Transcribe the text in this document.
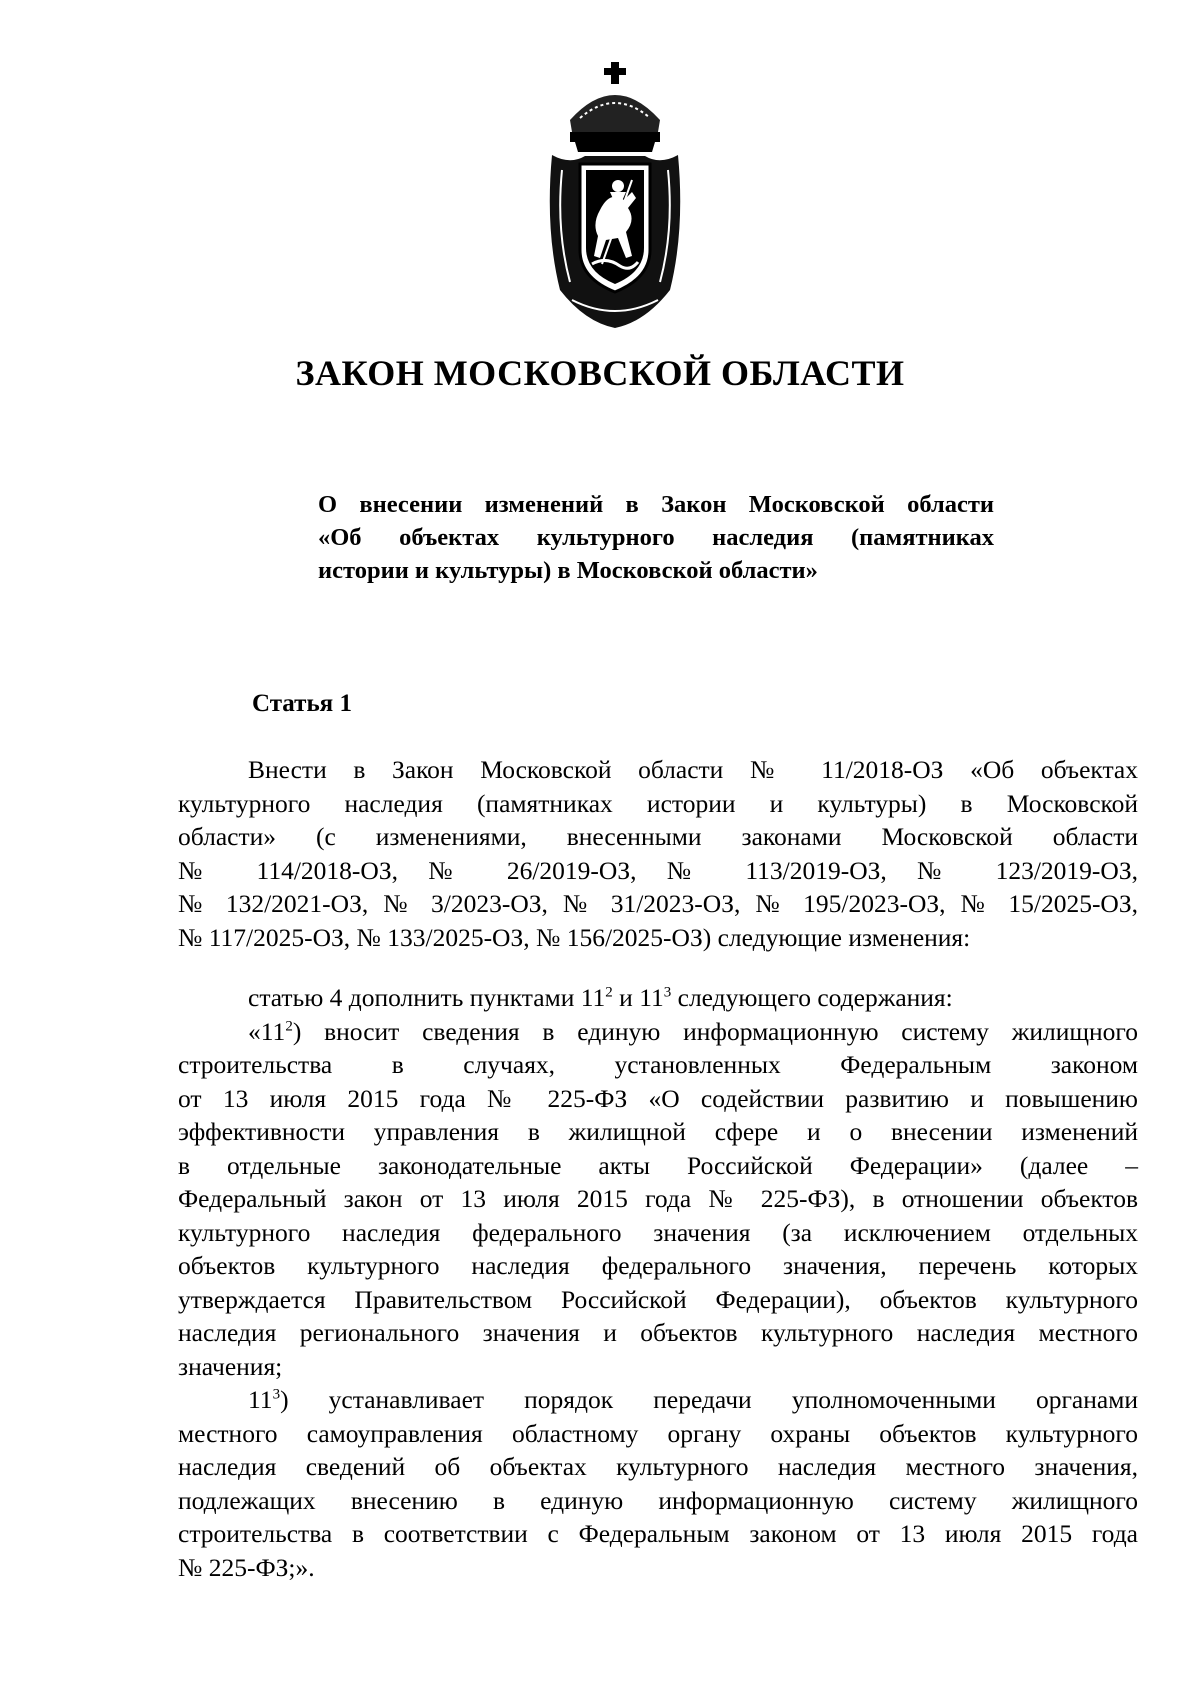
ЗАКОН МОСКОВСКОЙ ОБЛАСТИ
О внесении изменений в Закон Московской области
«Об объектах культурного наследия (памятниках
истории и культуры) в Московской области»
Статья 1
Внести в Закон Московской области № 11/2018-ОЗ «Об объектах
культурного наследия (памятниках истории и культуры) в Московской
области» (с изменениями, внесенными законами Московской области
№ 114/2018-ОЗ, № 26/2019-ОЗ, № 113/2019-ОЗ, № 123/2019-ОЗ,
№ 132/2021-ОЗ, № 3/2023-ОЗ, № 31/2023-ОЗ, № 195/2023-ОЗ, № 15/2025-ОЗ,
№ 117/2025-ОЗ, № 133/2025-ОЗ, № 156/2025-ОЗ) следующие изменения:
статью 4 дополнить пунктами $11^2$ и $11^3$ следующего содержания:
«$11^2$) вносит сведения в единую информационную систему жилищного
строительства в случаях, установленных Федеральным законом
от 13 июля 2015 года № 225-ФЗ «О содействии развитию и повышению
эффективности управления в жилищной сфере и о внесении изменений
в отдельные законодательные акты Российской Федерации» (далее –
Федеральный закон от 13 июля 2015 года № 225-ФЗ), в отношении объектов
культурного наследия федерального значения (за исключением отдельных
объектов культурного наследия федерального значения, перечень которых
утверждается Правительством Российской Федерации), объектов культурного
наследия регионального значения и объектов культурного наследия местного
значения;
$11^3$) устанавливает порядок передачи уполномоченными органами
местного самоуправления областному органу охраны объектов культурного
наследия сведений об объектах культурного наследия местного значения,
подлежащих внесению в единую информационную систему жилищного
строительства в соответствии с Федеральным законом от 13 июля 2015 года
№ 225-ФЗ;».
